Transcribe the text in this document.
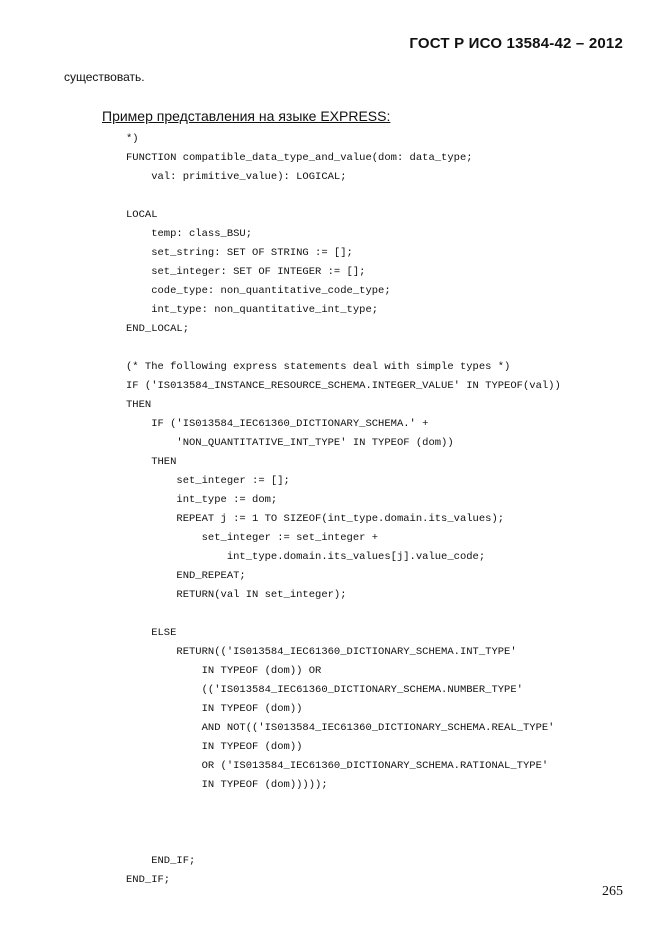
ГОСТ Р ИСО 13584-42 – 2012
существовать.
Пример представления на языке EXPRESS:
*)
FUNCTION compatible_data_type_and_value(dom: data_type;
val: primitive_value): LOGICAL;
LOCAL
temp: class_BSU;
set_string: SET OF STRING := [];
set_integer: SET OF INTEGER := [];
code_type: non_quantitative_code_type;
int_type: non_quantitative_int_type;
END_LOCAL;
(* The following express statements deal with simple types *)
IF ('IS013584_INSTANCE_RESOURCE_SCHEMA.INTEGER_VALUE' IN TYPEOF(val))
THEN
IF ('IS013584_IEC61360_DICTIONARY_SCHEMA.' +
'NON_QUANTITATIVE_INT_TYPE' IN TYPEOF (dom))
THEN
set_integer := [];
int_type := dom;
REPEAT j := 1 TO SIZEOF(int_type.domain.its_values);
set_integer := set_integer +
int_type.domain.its_values[j].value_code;
END_REPEAT;
RETURN(val IN set_integer);
ELSE
RETURN(('IS013584_IEC61360_DICTIONARY_SCHEMA.INT_TYPE'
IN TYPEOF (dom)) OR
(('IS013584_IEC61360_DICTIONARY_SCHEMA.NUMBER_TYPE'
IN TYPEOF (dom))
AND NOT(('IS013584_IEC61360_DICTIONARY_SCHEMA.REAL_TYPE'
IN TYPEOF (dom))
OR ('IS013584_IEC61360_DICTIONARY_SCHEMA.RATIONAL_TYPE'
IN TYPEOF (dom)))));
END_IF;
END_IF;
265
